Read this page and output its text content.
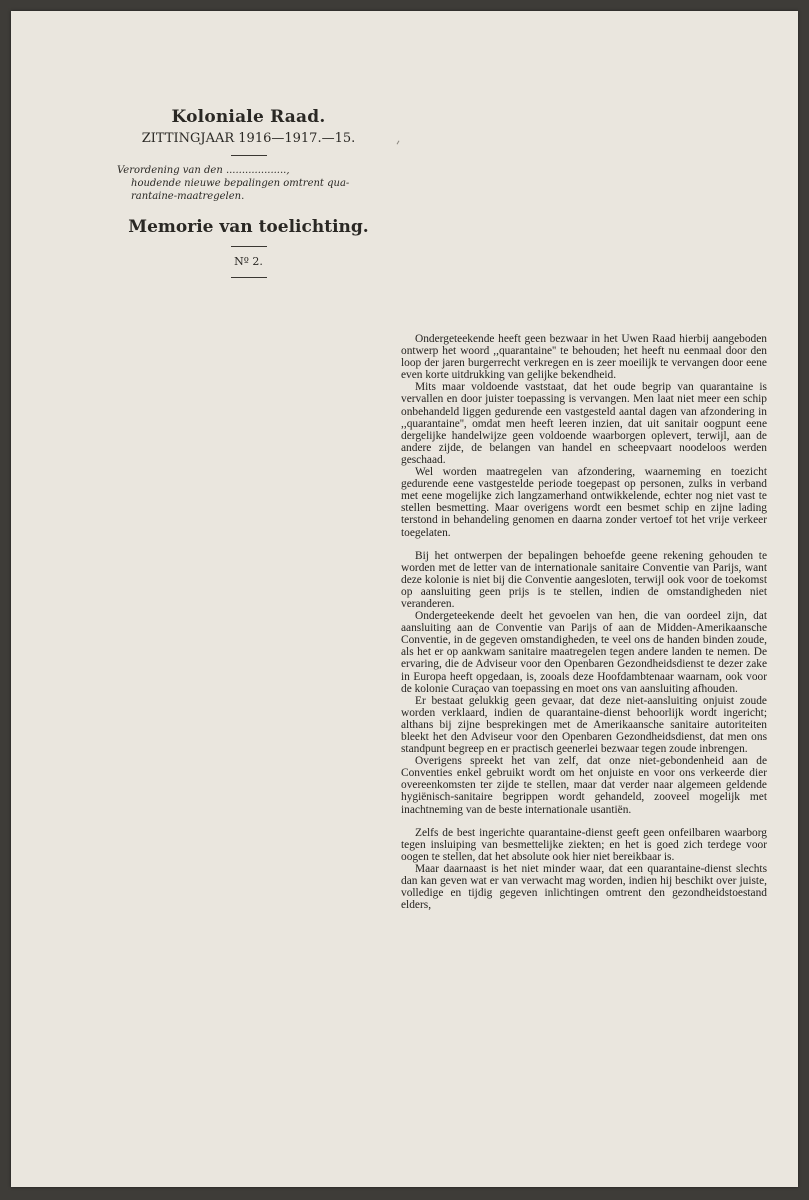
Koloniale Raad.
ZITTINGJAAR 1916—1917.—15.
Verordening van den ...................,
houdende nieuwe bepalingen omtrent qua-
rantaine-maatregelen.
Memorie van toelichting.
Nº 2.

Ondergeteekende heeft geen bezwaar in het Uwen Raad hierbij aangeboden ontwerp het woord ,,quarantaine'' te behouden; het heeft nu eenmaal door den loop der jaren burgerrecht verkregen en is zeer moeilijk te vervangen door eene even korte uitdrukking van gelijke bekendheid.

Mits maar voldoende vaststaat, dat het oude begrip van quarantaine is vervallen en door juister toepassing is vervangen. Men laat niet meer een schip onbehandeld liggen gedurende een vastgesteld aantal dagen van afzondering in ,,quarantaine'', omdat men heeft leeren inzien, dat uit sanitair oogpunt eene dergelijke handelwijze geen voldoende waarborgen oplevert, terwijl, aan de andere zijde, de belangen van handel en scheepvaart noodeloos werden geschaad.

Wel worden maatregelen van afzondering, waarneming en toezicht gedurende eene vastgestelde periode toegepast op personen, zulks in verband met eene mogelijke zich langzamerhand ontwikkelende, echter nog niet vast te stellen besmetting. Maar overigens wordt een besmet schip en zijne lading terstond in behandeling genomen en daarna zonder vertoef tot het vrije verkeer toegelaten.

Bij het ontwerpen der bepalingen behoefde geene rekening gehouden te worden met de letter van de internationale sanitaire Conventie van Parijs, want deze kolonie is niet bij die Conventie aangesloten, terwijl ook voor de toekomst op aansluiting geen prijs is te stellen, indien de omstandigheden niet veranderen.

Ondergeteekende deelt het gevoelen van hen, die van oordeel zijn, dat aansluiting aan de Conventie van Parijs of aan de Midden-Amerikaansche Conventie, in de gegeven omstandigheden, te veel ons de handen binden zoude, als het er op aankwam sanitaire maatregelen tegen andere landen te nemen. De ervaring, die de Adviseur voor den Openbaren Gezondheidsdienst te dezer zake in Europa heeft opgedaan, is, zooals deze Hoofdambtenaar waarnam, ook voor de kolonie Curaçao van toepassing en moet ons van aansluiting afhouden.

Er bestaat gelukkig geen gevaar, dat deze niet-aansluiting onjuist zoude worden verklaard, indien de quarantaine-dienst behoorlijk wordt ingericht; althans bij zijne besprekingen met de Amerikaansche sanitaire autoriteiten bleekt het den Adviseur voor den Openbaren Gezondheidsdienst, dat men ons standpunt begreep en er practisch geenerlei bezwaar tegen zoude inbrengen.

Overigens spreekt het van zelf, dat onze niet-gebondenheid aan de Conventies enkel gebruikt wordt om het onjuiste en voor ons verkeerde dier overeenkomsten ter zijde te stellen, maar dat verder naar algemeen geldende hygiënisch-sanitaire begrippen wordt gehandeld, zooveel mogelijk met inachtneming van de beste internationale usantiën.

Zelfs de best ingerichte quarantaine-dienst geeft geen onfeilbaren waarborg tegen insluiping van besmettelijke ziekten; en het is goed zich terdege voor oogen te stellen, dat het absolute ook hier niet bereikbaar is.

Maar daarnaast is het niet minder waar, dat een quarantaine-dienst slechts dan kan geven wat er van verwacht mag worden, indien hij beschikt over juiste, volledige en tijdig gegeven inlichtingen omtrent den gezondheidstoestand elders,
